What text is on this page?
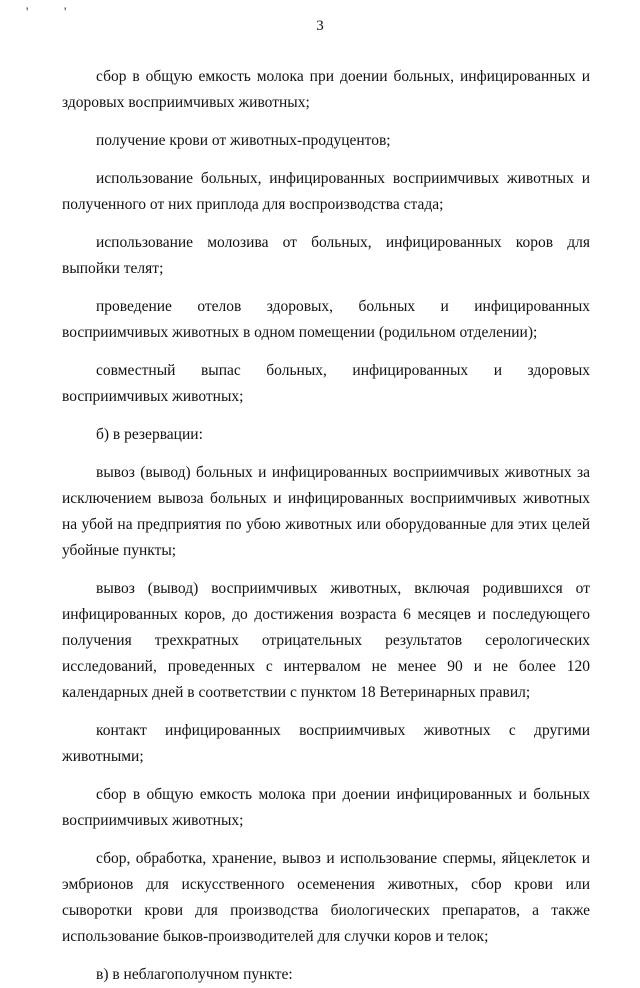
'	'
3

сбор в общую емкость молока при доении больных, инфицированных и здоровых восприимчивых животных;

получение крови от животных-продуцентов;

использование больных, инфицированных восприимчивых животных и полученного от них приплода для воспроизводства стада;

использование молозива от больных, инфицированных коров для выпойки телят;

проведение отелов здоровых, больных и инфицированных восприимчивых животных в одном помещении (родильном отделении);

совместный выпас больных, инфицированных и здоровых восприимчивых животных;

б) в резервации:

вывоз (вывод) больных и инфицированных восприимчивых животных за исключением вывоза больных и инфицированных восприимчивых животных на убой на предприятия по убою животных или оборудованные для этих целей убойные пункты;

вывоз (вывод) восприимчивых животных, включая родившихся от инфицированных коров, до достижения возраста 6 месяцев и последующего получения трехкратных отрицательных результатов серологических исследований, проведенных с интервалом не менее 90 и не более 120 календарных дней в соответствии с пунктом 18 Ветеринарных правил;

контакт инфицированных восприимчивых животных с другими животными;

сбор в общую емкость молока при доении инфицированных и больных восприимчивых животных;

сбор, обработка, хранение, вывоз и использование спермы, яйцеклеток и эмбрионов для искусственного осеменения животных, сбор крови или сыворотки крови для производства биологических препаратов, а также использование быков-производителей для случки коров и телок;

в) в неблагополучном пункте:
